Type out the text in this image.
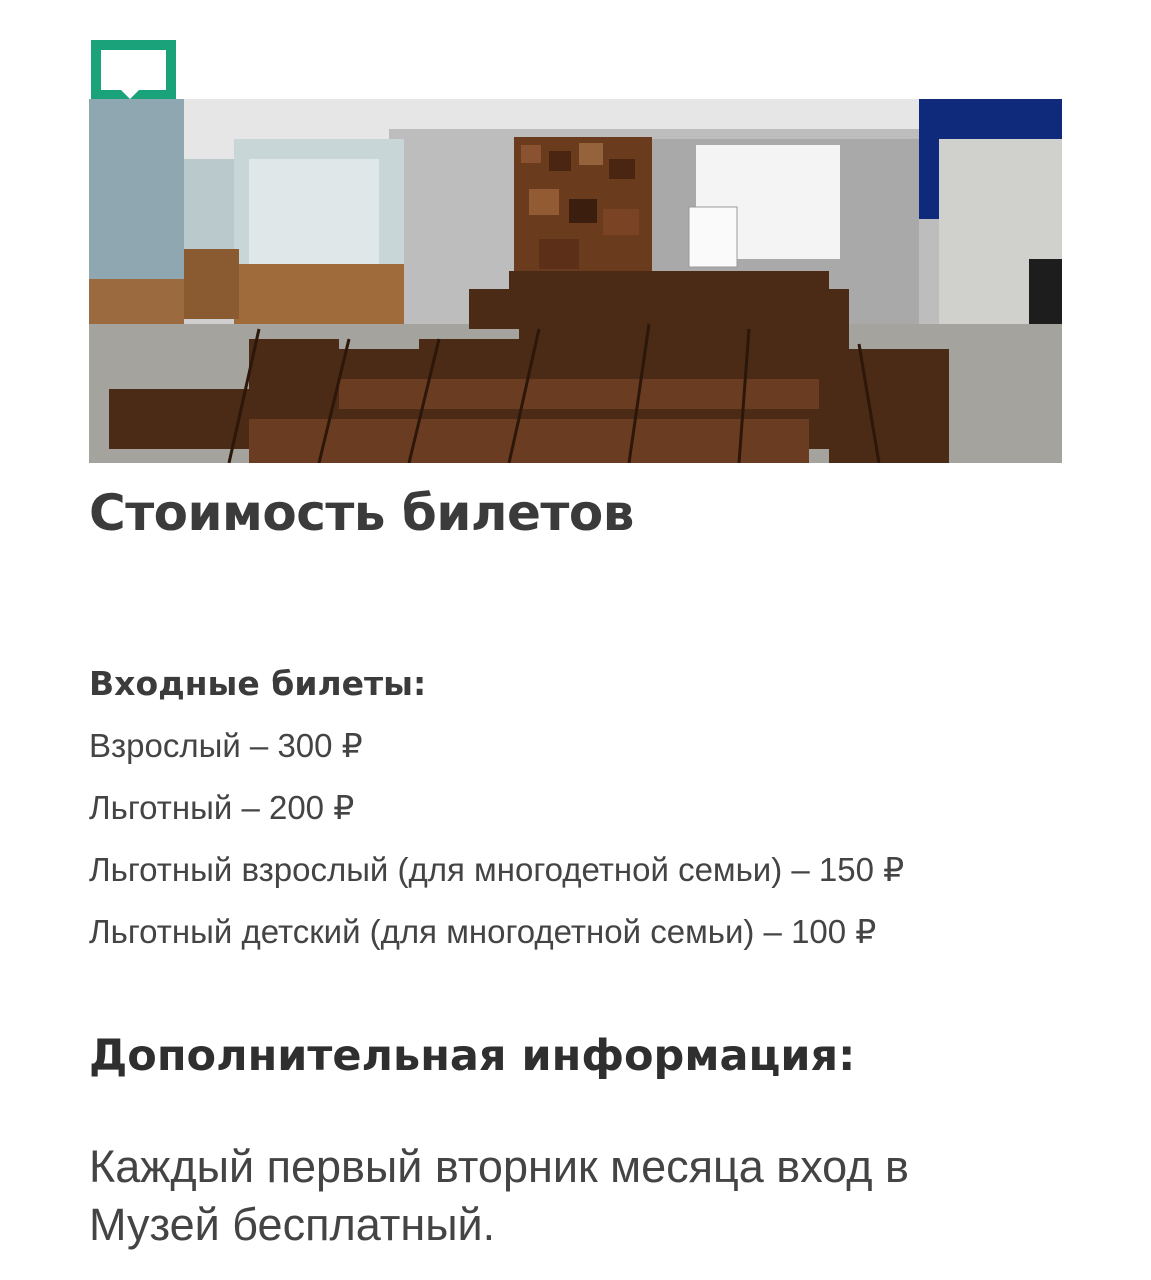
Стоимость билетов
Входные билеты:
Взрослый – 300 ₽
Льготный – 200 ₽
Льготный взрослый (для многодетной семьи) – 150 ₽
Льготный детский (для многодетной семьи) – 100 ₽
Дополнительная информация:
Каждый первый вторник месяца вход в Музей бесплатный.
